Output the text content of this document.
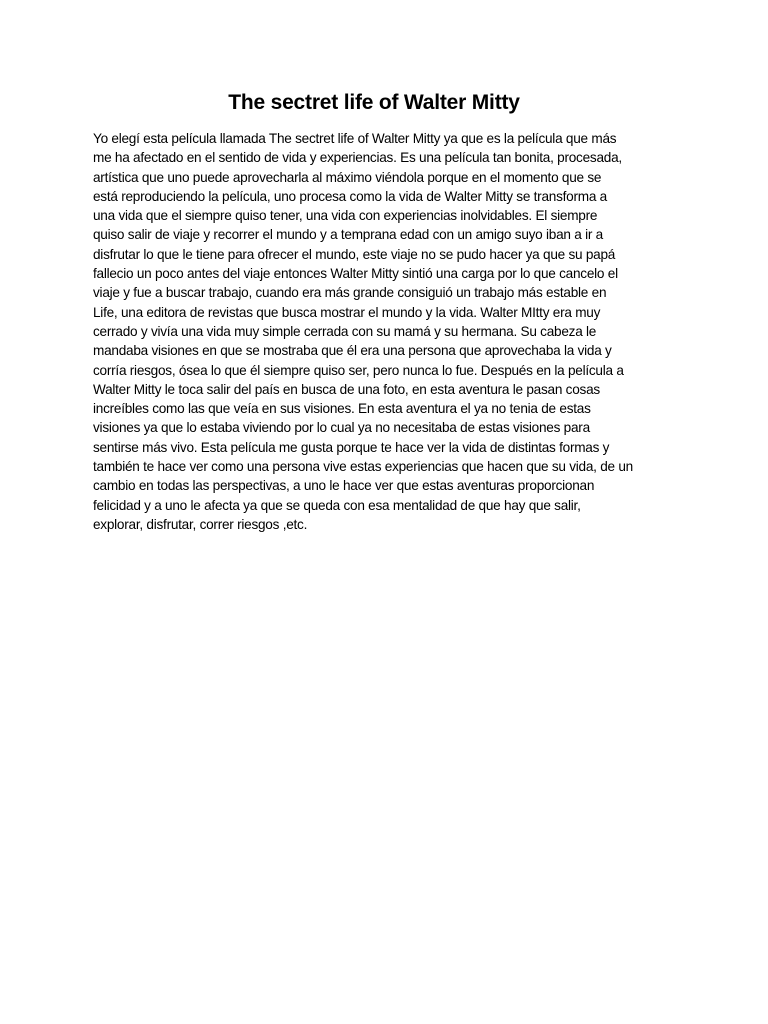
The sectret life of Walter Mitty
Yo elegí esta película llamada The sectret life of Walter Mitty ya que es la película que más
me ha afectado en el sentido de vida y experiencias. Es una película tan bonita, procesada,
artística que uno puede aprovecharla al máximo viéndola porque en el momento que se
está reproduciendo la película, uno procesa como la vida de Walter Mitty se transforma a
una vida que el siempre quiso tener, una vida con experiencias inolvidables. El siempre
quiso salir de viaje y recorrer el mundo y a temprana edad con un amigo suyo iban a ir a
disfrutar lo que le tiene para ofrecer el mundo, este viaje no se pudo hacer ya que su papá
fallecio un poco antes del viaje entonces Walter Mitty sintió una carga por lo que cancelo el
viaje y fue a buscar trabajo, cuando era más grande consiguió un trabajo más estable en
Life, una editora de revistas que busca mostrar el mundo y la vida. Walter MItty era muy
cerrado y vivía una vida muy simple cerrada con su mamá y su hermana. Su cabeza le
mandaba visiones en que se mostraba que él era una persona que aprovechaba la vida y
corría riesgos, ósea lo que él siempre quiso ser, pero nunca lo fue. Después en la película a
Walter Mitty le toca salir del país en busca de una foto, en esta aventura le pasan cosas
increíbles como las que veía en sus visiones. En esta aventura el ya no tenia de estas
visiones ya que lo estaba viviendo por lo cual ya no necesitaba de estas visiones para
sentirse más vivo. Esta película me gusta porque te hace ver la vida de distintas formas y
también te hace ver como una persona vive estas experiencias que hacen que su vida, de un
cambio en todas las perspectivas, a uno le hace ver que estas aventuras proporcionan
felicidad y a uno le afecta ya que se queda con esa mentalidad de que hay que salir,
explorar, disfrutar, correr riesgos ,etc.
